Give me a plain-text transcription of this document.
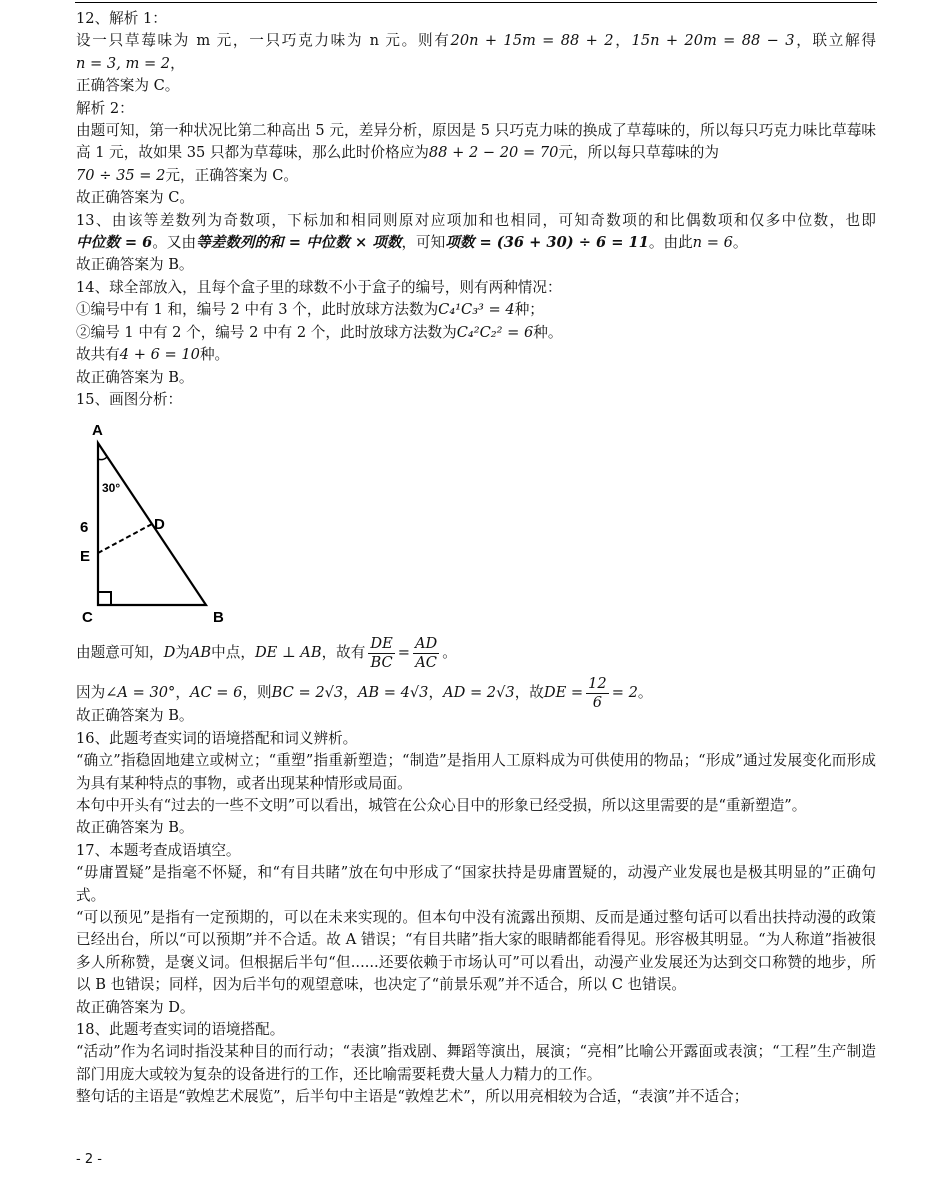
12、解析 1：

设一只草莓味为 m 元，一只巧克力味为 n 元。则有20n + 15m = 88 + 2，15n + 20m = 88 − 3，联立解得n = 3, m = 2，

正确答案为 C。

解析 2：

由题可知，第一种状况比第二种高出 5 元，差异分析，原因是 5 只巧克力味的换成了草莓味的，所以每只巧克力味比草莓味高 1 元，故如果 35 只都为草莓味，那么此时价格应为88 + 2 − 20 = 70元，所以每只草莓味的为

70 ÷ 35 = 2元，正确答案为 C。

故正确答案为 C。

13、由该等差数列为奇数项，下标加和相同则原对应项加和也相同，可知奇数项的和比偶数项和仅多中位数，也即中位数 = 6。又由等差数列的和 = 中位数 × 项数，可知项数 = (36 + 30) ÷ 6 = 11。由此n = 6。

故正确答案为 B。

14、球全部放入，且每个盒子里的球数不小于盒子的编号，则有两种情况：

①编号中有 1 和，编号 2 中有 3 个，此时放球方法数为C₄¹C₃³ = 4种；

②编号 1 中有 2 个，编号 2 中有 2 个，此时放球方法数为C₄²C₂² = 6种。

故共有4 + 6 = 10种。

故正确答案为 B。

15、画图分析：

A
30°
6	D
E
C	B

由题意可知，D为AB中点，DE ⊥ AB，故有 $\frac{DE}{BC} = \frac{AD}{AC}$ 。

因为∠A = 30°，AC = 6，则BC = 2√3，AB = 4√3，AD = 2√3，故DE = $\frac{12}{6} = 2$。

故正确答案为 B。

16、此题考查实词的语境搭配和词义辨析。

“确立”指稳固地建立或树立；“重塑”指重新塑造；“制造”是指用人工原料成为可供使用的物品；“形成”通过发展变化而形成为具有某种特点的事物，或者出现某种情形或局面。

本句中开头有“过去的一些不文明”可以看出，城管在公众心目中的形象已经受损，所以这里需要的是“重新塑造”。

故正确答案为 B。

17、本题考查成语填空。

“毋庸置疑”是指毫不怀疑，和“有目共睹”放在句中形成了“国家扶持是毋庸置疑的，动漫产业发展也是极其明显的”正确句式。

“可以预见”是指有一定预期的，可以在未来实现的。但本句中没有流露出预期、反而是通过整句话可以看出扶持动漫的政策已经出台，所以“可以预期”并不合适。故 A 错误；“有目共睹”指大家的眼睛都能看得见。形容极其明显。“为人称道”指被很多人所称赞，是褒义词。但根据后半句“但......还要依赖于市场认可”可以看出，动漫产业发展还为达到交口称赞的地步，所以 B 也错误；同样，因为后半句的观望意味，也决定了“前景乐观”并不适合，所以 C 也错误。

故正确答案为 D。

18、此题考查实词的语境搭配。

“活动”作为名词时指没某种目的而行动；“表演”指戏剧、舞蹈等演出，展演；“亮相”比喻公开露面或表演；“工程”生产制造部门用庞大或较为复杂的设备进行的工作，还比喻需要耗费大量人力精力的工作。

整句话的主语是“敦煌艺术展览”，后半句中主语是“敦煌艺术”，所以用亮相较为合适，“表演”并不适合；

- 2 -
